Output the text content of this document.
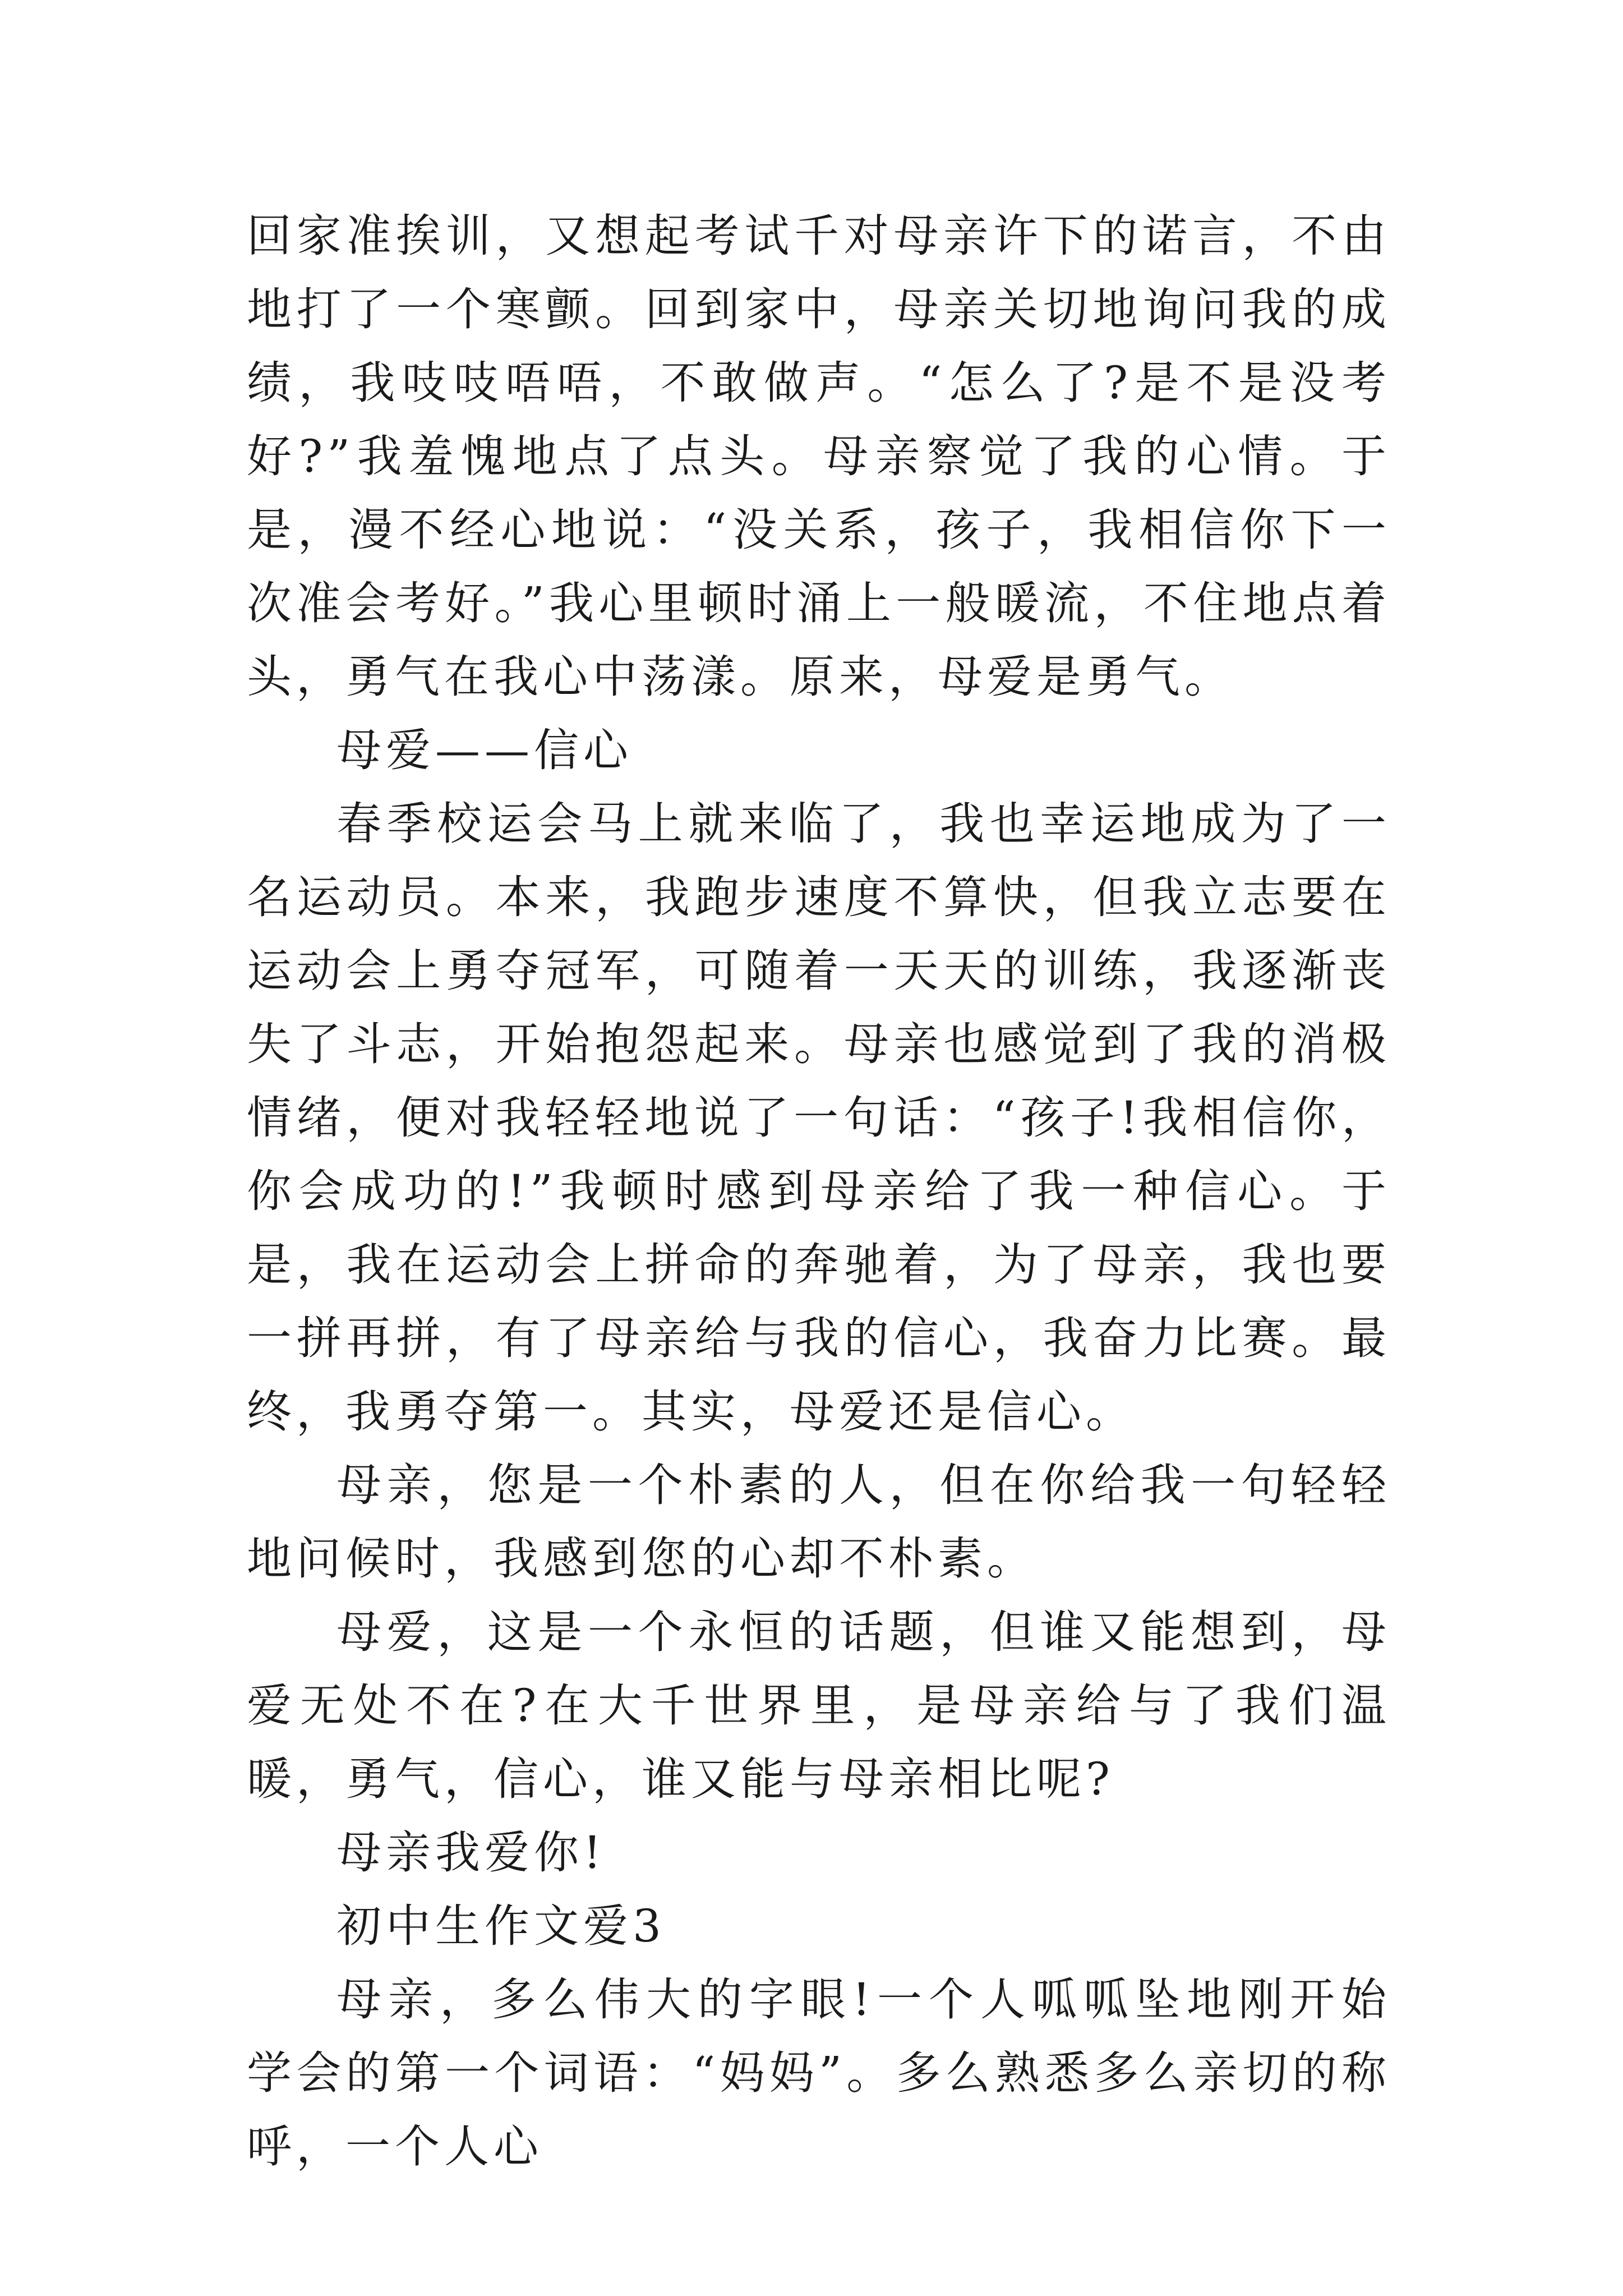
回家准挨训，又想起考试千对母亲许下的诺言，不由地打了一个寒颤。回到家中，母亲关切地询问我的成绩，我吱吱唔唔，不敢做声。“怎么了?是不是没考好?”我羞愧地点了点头。母亲察觉了我的心情。于是，漫不经心地说：“没关系，孩子，我相信你下一次准会考好。”我心里顿时涌上一般暖流，不住地点着头，勇气在我心中荡漾。原来，母爱是勇气。

母爱——信心

春季校运会马上就来临了，我也幸运地成为了一名运动员。本来，我跑步速度不算快，但我立志要在运动会上勇夺冠军，可随着一天天的训练，我逐渐丧失了斗志，开始抱怨起来。母亲也感觉到了我的消极情绪，便对我轻轻地说了一句话：“孩子!我相信你，你会成功的!”我顿时感到母亲给了我一种信心。于是，我在运动会上拼命的奔驰着，为了母亲，我也要一拼再拼，有了母亲给与我的信心，我奋力比赛。最终，我勇夺第一。其实，母爱还是信心。

母亲，您是一个朴素的人，但在你给我一句轻轻地问候时，我感到您的心却不朴素。

母爱，这是一个永恒的话题，但谁又能想到，母爱无处不在?在大千世界里，是母亲给与了我们温暖，勇气，信心，谁又能与母亲相比呢?

母亲我爱你!

初中生作文爱3

母亲，多么伟大的字眼!一个人呱呱坠地刚开始学会的第一个词语：“妈妈”。多么熟悉多么亲切的称呼，一个人心
